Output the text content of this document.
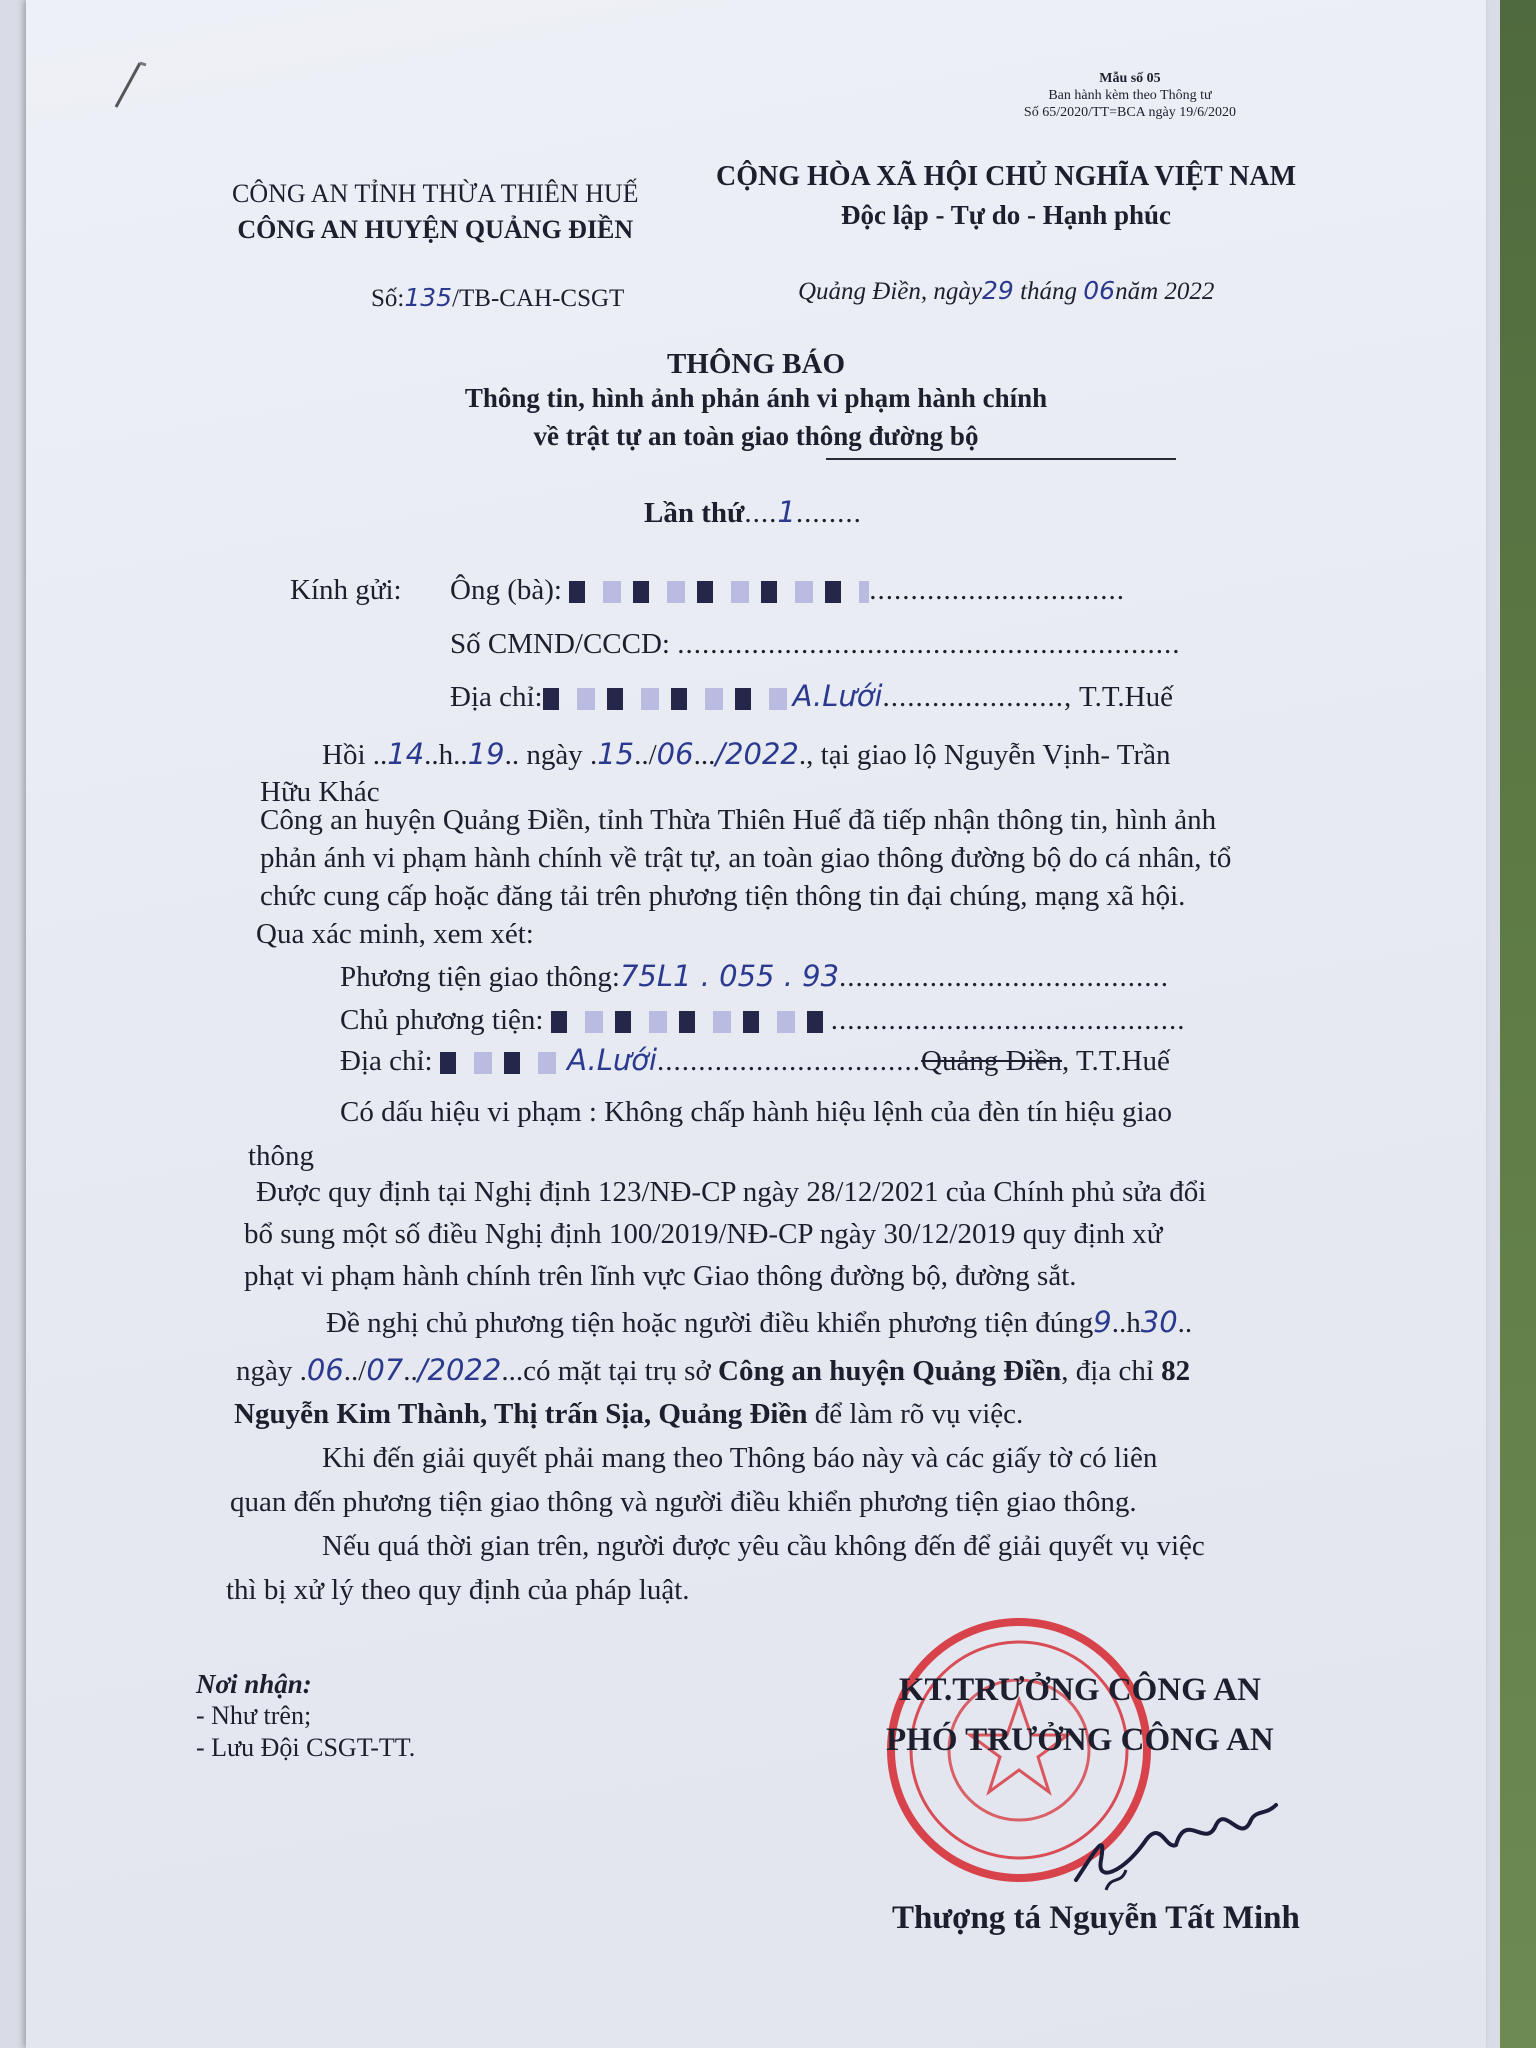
Mẫu số 05
Ban hành kèm theo Thông tư
Số 65/2020/TT=BCA ngày 19/6/2020
CÔNG AN TỈNH THỪA THIÊN HUẾ
CÔNG AN HUYỆN QUẢNG ĐIỀN
CỘNG HÒA XÃ HỘI CHỦ NGHĨA VIỆT NAM
Độc lập - Tự do - Hạnh phúc
Số:135/TB-CAH-CSGT	Quảng Điền, ngày29 tháng 06năm 2022
THÔNG BÁO
Thông tin, hình ảnh phản ánh vi phạm hành chính
về trật tự an toàn giao thông đường bộ
Lần thứ....1........
Kính gửi: Ông (bà):	...............................
Số CMND/CCCD: .............................................................
Địa chỉ:	A.Lưới......................, T.T.Huế
Hồi ..14..h..19.. ngày .15../06.../2022., tại giao lộ Nguyễn Vịnh- Trần
Hữu Khác
Công an huyện Quảng Điền, tỉnh Thừa Thiên Huế đã tiếp nhận thông tin, hình ảnh
phản ánh vi phạm hành chính về trật tự, an toàn giao thông đường bộ do cá nhân, tổ
chức cung cấp hoặc đăng tải trên phương tiện thông tin đại chúng, mạng xã hội.
Qua xác minh, xem xét:
Phương tiện giao thông:75L1 . 055 . 93........................................
Chủ phương tiện:	...........................................
Địa chỉ:	A.Lưới................................Quảng Điền, T.T.Huế
Có dấu hiệu vi phạm : Không chấp hành hiệu lệnh của đèn tín hiệu giao
thông
Được quy định tại Nghị định 123/NĐ-CP ngày 28/12/2021 của Chính phủ sửa đổi
bổ sung một số điều Nghị định 100/2019/NĐ-CP ngày 30/12/2019 quy định xử
phạt vi phạm hành chính trên lĩnh vực Giao thông đường bộ, đường sắt.
Đề nghị chủ phương tiện hoặc người điều khiển phương tiện đúng9..h30..
ngày .06../07../2022...có mặt tại trụ sở Công an huyện Quảng Điền, địa chỉ 82
Nguyễn Kim Thành, Thị trấn Sịa, Quảng Điền để làm rõ vụ việc.
Khi đến giải quyết phải mang theo Thông báo này và các giấy tờ có liên
quan đến phương tiện giao thông và người điều khiển phương tiện giao thông.
Nếu quá thời gian trên, người được yêu cầu không đến để giải quyết vụ việc
thì bị xử lý theo quy định của pháp luật.
Nơi nhận:
- Như trên;
- Lưu Đội CSGT-TT.
KT.TRƯỞNG CÔNG AN
PHÓ TRƯỞNG CÔNG AN
Thượng tá Nguyễn Tất Minh
